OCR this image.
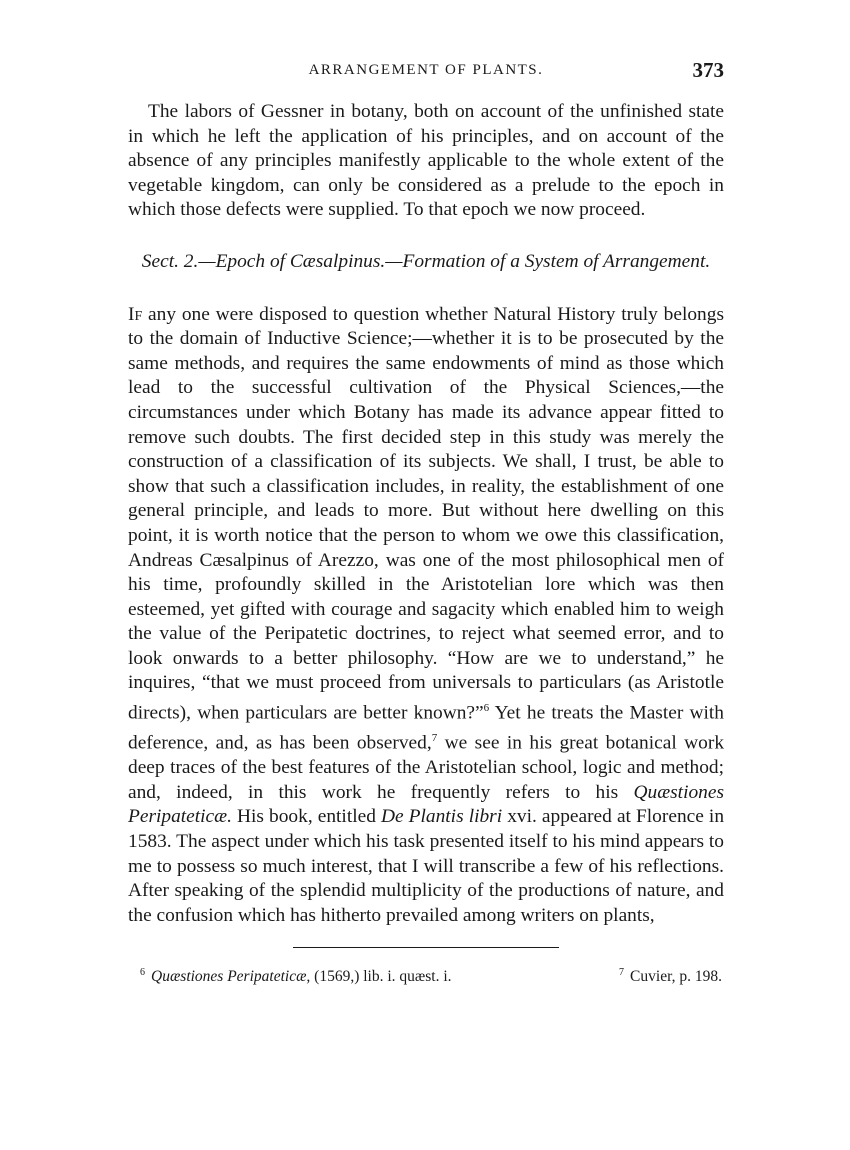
ARRANGEMENT OF PLANTS.	373

The labors of Gessner in botany, both on account of the unfinished state in which he left the application of his principles, and on account of the absence of any principles manifestly applicable to the whole extent of the vegetable kingdom, can only be considered as a prelude to the epoch in which those defects were supplied. To that epoch we now proceed.

Sect. 2.—Epoch of Cæsalpinus.—Formation of a System of Arrangement.

If any one were disposed to question whether Natural History truly belongs to the domain of Inductive Science;—whether it is to be prosecuted by the same methods, and requires the same endowments of mind as those which lead to the successful cultivation of the Physical Sciences,—the circumstances under which Botany has made its advance appear fitted to remove such doubts. The first decided step in this study was merely the construction of a classification of its subjects. We shall, I trust, be able to show that such a classification includes, in reality, the establishment of one general principle, and leads to more. But without here dwelling on this point, it is worth notice that the person to whom we owe this classification, Andreas Cæsalpinus of Arezzo, was one of the most philosophical men of his time, profoundly skilled in the Aristotelian lore which was then esteemed, yet gifted with courage and sagacity which enabled him to weigh the value of the Peripatetic doctrines, to reject what seemed error, and to look onwards to a better philosophy. “How are we to understand,” he inquires, “that we must proceed from universals to particulars (as Aristotle directs), when particulars are better known?”$^6$ Yet he treats the Master with deference, and, as has been observed,$^7$ we see in his great botanical work deep traces of the best features of the Aristotelian school, logic and method; and, indeed, in this work he frequently refers to his Quæstiones Peripateticæ. His book, entitled De Plantis libri xvi. appeared at Florence in 1583. The aspect under which his task presented itself to his mind appears to me to possess so much interest, that I will transcribe a few of his reflections. After speaking of the splendid multiplicity of the productions of nature, and the confusion which has hitherto prevailed among writers on plants,

$^6$ Quæstiones Peripateticæ, (1569,) lib. i. quæst. i.	$^7$ Cuvier, p. 198.
